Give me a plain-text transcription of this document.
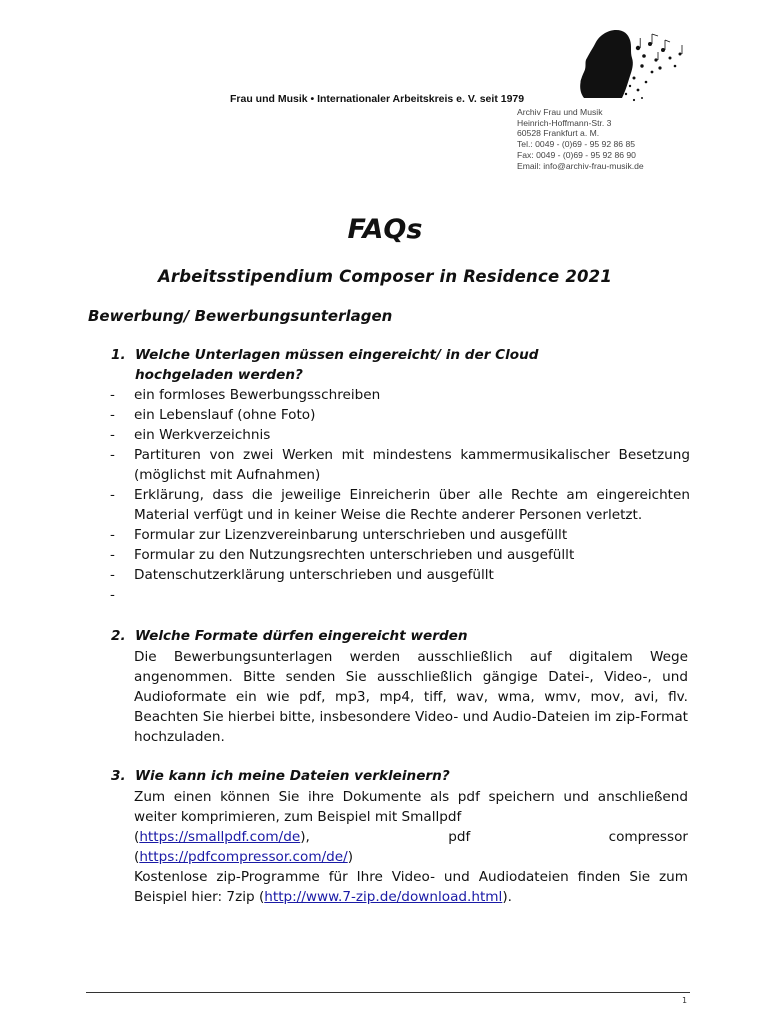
Frau und Musik • Internationaler Arbeitskreis e. V. seit 1979
Archiv Frau und Musik
Heinrich-Hoffmann-Str. 3
60528 Frankfurt a. M.
Tel.: 0049 - (0)69 - 95 92 86 85
Fax: 0049 - (0)69 - 95 92 86 90
Email: info@archiv-frau-musik.de
FAQs
Arbeitsstipendium Composer in Residence 2021
Bewerbung/ Bewerbungsunterlagen
1. Welche Unterlagen müssen eingereicht/ in der Cloud
hochgeladen werden?
- ein formloses Bewerbungsschreiben
- ein Lebenslauf (ohne Foto)
- ein Werkverzeichnis
- Partituren von zwei Werken mit mindestens kammermusikalischer Besetzung (möglichst mit Aufnahmen)
- Erklärung, dass die jeweilige Einreicherin über alle Rechte am eingereichten Material verfügt und in keiner Weise die Rechte anderer Personen verletzt.
- Formular zur Lizenzvereinbarung unterschrieben und ausgefüllt
- Formular zu den Nutzungsrechten unterschrieben und ausgefüllt
- Datenschutzerklärung unterschrieben und ausgefüllt
-
2. Welche Formate dürfen eingereicht werden

Die Bewerbungsunterlagen werden ausschließlich auf digitalem Wege angenommen. Bitte senden Sie ausschließlich gängige Datei-, Video-, und Audioformate ein wie pdf, mp3, mp4, tiff, wav, wma, wmv, mov, avi, flv. Beachten Sie hierbei bitte, insbesondere Video- und Audio-Dateien im zip-Format hochzuladen.

3. Wie kann ich meine Dateien verkleinern?

Zum einen können Sie ihre Dokumente als pdf speichern und anschließend weiter komprimieren, zum Beispiel mit Smallpdf

(https://smallpdf.com/de),	pdf	compressor

(https://pdfcompressor.com/de/)

Kostenlose zip-Programme für Ihre Video- und Audiodateien finden Sie zum Beispiel hier: 7zip (http://www.7-zip.de/download.html).

1
